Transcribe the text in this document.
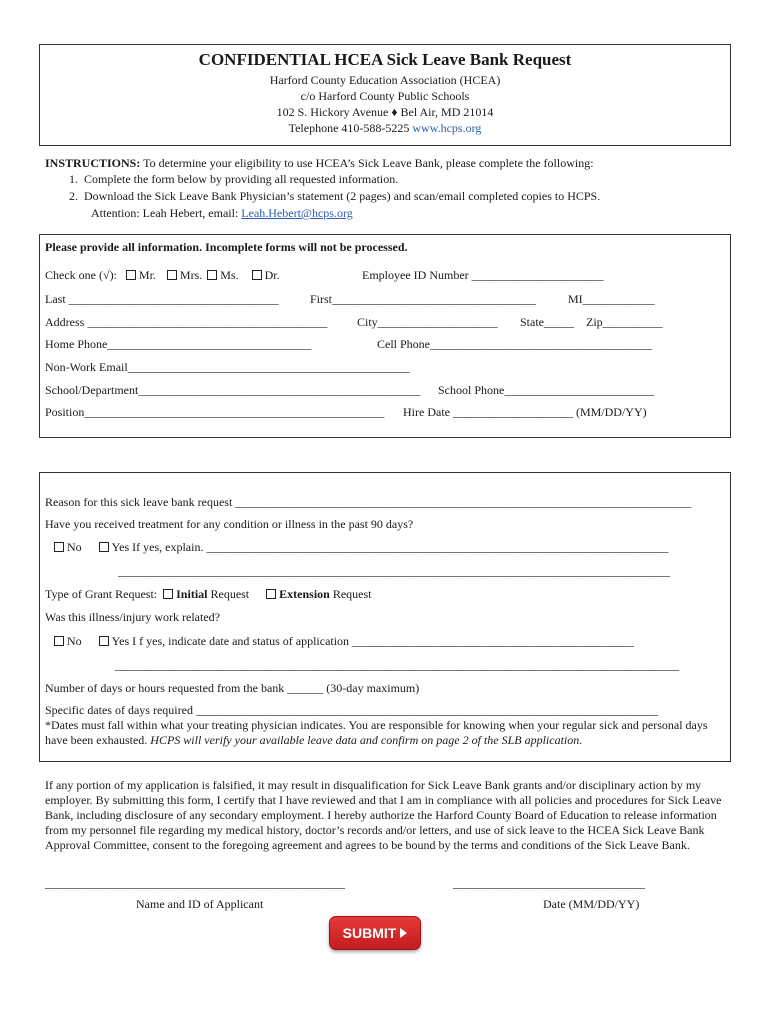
CONFIDENTIAL HCEA Sick Leave Bank Request
Harford County Education Association (HCEA)
c/o Harford County Public Schools
102 S. Hickory Avenue ♦ Bel Air, MD 21014
Telephone 410-588-5225 www.hcps.org
INSTRUCTIONS: To determine your eligibility to use HCEA’s Sick Leave Bank, please complete the following:
1.  Complete the form below by providing all requested information.
2.  Download the Sick Leave Bank Physician’s statement (2 pages) and scan/email completed copies to HCPS.
Attention: Leah Hebert, email: Leah.Hebert@hcps.org
Please provide all information. Incomplete forms will not be processed.
Check one (√): Mr. Mrs. Ms. Dr.	Employee ID Number ______________________
Last ___________________________________	First__________________________________	MI____________
Address ________________________________________ City____________________ State_____ Zip__________
Home Phone__________________________________	Cell Phone_____________________________________
Non-Work Email_______________________________________________
School/Department_______________________________________________ School Phone_________________________
Position__________________________________________________ Hire Date ____________________ (MM/DD/YY)
Reason for this sick leave bank request ____________________________________________________________________________
Have you received treatment for any condition or illness in the past 90 days?
No	Yes If yes, explain. _____________________________________________________________________________
____________________________________________________________________________________________
Type of Grant Request: Initial Request	Extension Request
Was this illness/injury work related?
No	Yes I f yes, indicate date and status of application _______________________________________________
______________________________________________________________________________________________
Number of days or hours requested from the bank ______ (30-day maximum)
Specific dates of days required _____________________________________________________________________________
*Dates must fall within what your treating physician indicates. You are responsible for knowing when your regular sick and personal days have been exhausted. HCPS will verify your available leave data and confirm on page 2 of the SLB application.
If any portion of my application is falsified, it may result in disqualification for Sick Leave Bank grants and/or disciplinary action by my employer. By submitting this form, I certify that I have reviewed and that I am in compliance with all policies and procedures for Sick Leave Bank, including disclosure of any secondary employment. I hereby authorize the Harford County Board of Education to release information from my personnel file regarding my medical history, doctor’s records and/or letters, and use of sick leave to the HCEA Sick Leave Bank Approval Committee, consent to the foregoing agreement and agrees to be bound by the terms and conditions of the Sick Leave Bank.
__________________________________________________	________________________________
Name and ID of Applicant	Date (MM/DD/YY)
SUBMIT
